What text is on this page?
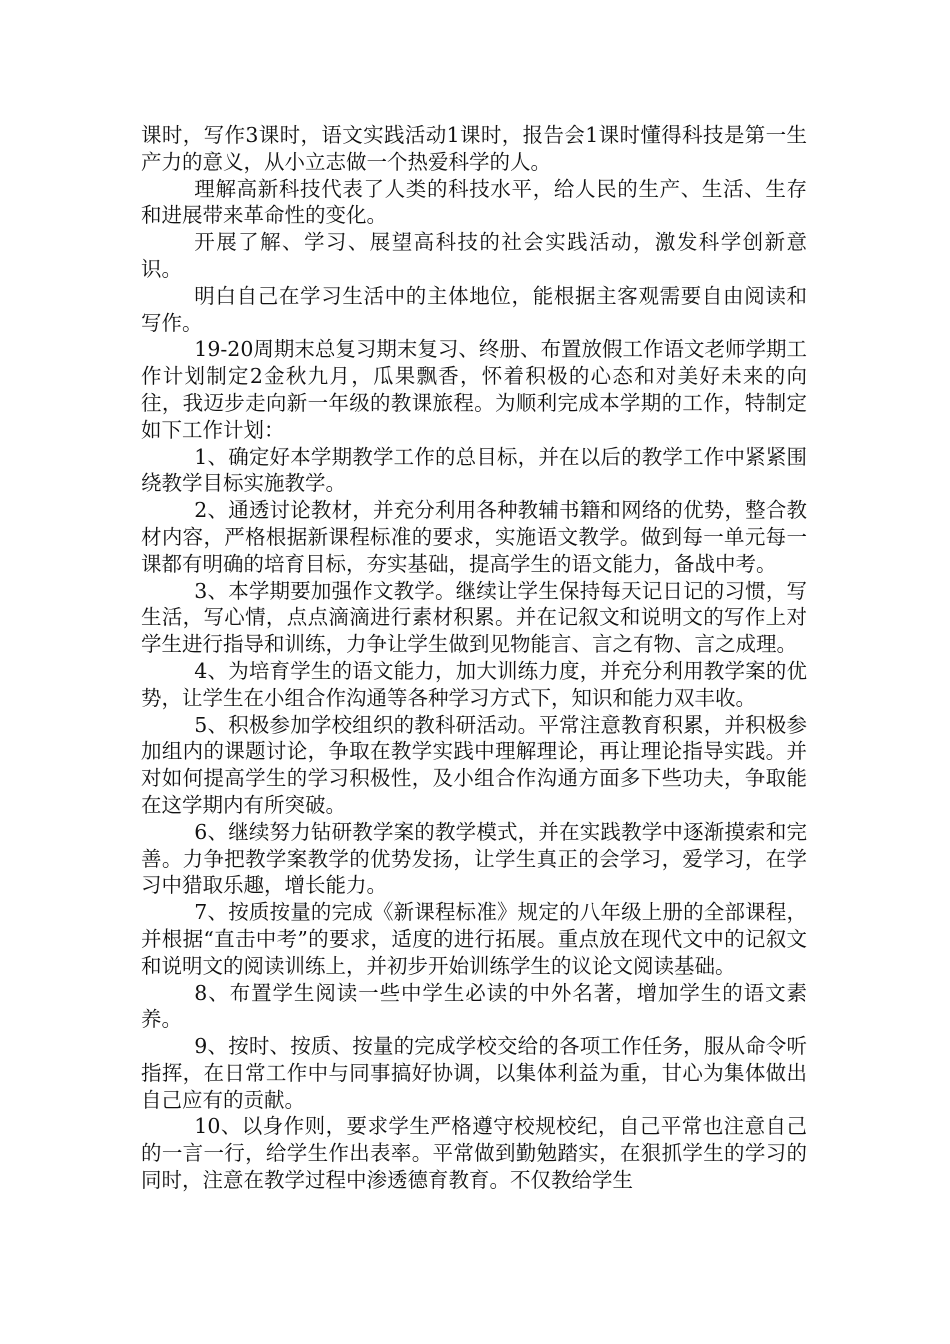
课时，写作3课时，语文实践活动1课时，报告会1课时懂得科技是第一生产力的意义，从小立志做一个热爱科学的人。

理解高新科技代表了人类的科技水平，给人民的生产、生活、生存和进展带来革命性的变化。

开展了解、学习、展望高科技的社会实践活动，激发科学创新意识。

明白自己在学习生活中的主体地位，能根据主客观需要自由阅读和写作。

19-20周期末总复习期末复习、终册、布置放假工作语文老师学期工作计划制定2金秋九月，瓜果飘香，怀着积极的心态和对美好未来的向往，我迈步走向新一年级的教课旅程。为顺利完成本学期的工作，特制定如下工作计划：

1、确定好本学期教学工作的总目标，并在以后的教学工作中紧紧围绕教学目标实施教学。

2、通透讨论教材，并充分利用各种教辅书籍和网络的优势，整合教材内容，严格根据新课程标准的要求，实施语文教学。做到每一单元每一课都有明确的培育目标，夯实基础，提高学生的语文能力，备战中考。

3、本学期要加强作文教学。继续让学生保持每天记日记的习惯，写生活，写心情，点点滴滴进行素材积累。并在记叙文和说明文的写作上对学生进行指导和训练，力争让学生做到见物能言、言之有物、言之成理。

4、为培育学生的语文能力，加大训练力度，并充分利用教学案的优势，让学生在小组合作沟通等各种学习方式下，知识和能力双丰收。

5、积极参加学校组织的教科研活动。平常注意教育积累，并积极参加组内的课题讨论，争取在教学实践中理解理论，再让理论指导实践。并对如何提高学生的学习积极性，及小组合作沟通方面多下些功夫，争取能在这学期内有所突破。

6、继续努力钻研教学案的教学模式，并在实践教学中逐渐摸索和完善。力争把教学案教学的优势发扬，让学生真正的会学习，爱学习，在学习中猎取乐趣，增长能力。

7、按质按量的完成《新课程标准》规定的八年级上册的全部课程，并根据“直击中考”的要求，适度的进行拓展。重点放在现代文中的记叙文和说明文的阅读训练上，并初步开始训练学生的议论文阅读基础。

8、布置学生阅读一些中学生必读的中外名著，增加学生的语文素养。

9、按时、按质、按量的完成学校交给的各项工作任务，服从命令听指挥，在日常工作中与同事搞好协调，以集体利益为重，甘心为集体做出自己应有的贡献。

10、以身作则，要求学生严格遵守校规校纪，自己平常也注意自己的一言一行，给学生作出表率。平常做到勤勉踏实，在狠抓学生的学习的同时，注意在教学过程中渗透德育教育。不仅教给学生
